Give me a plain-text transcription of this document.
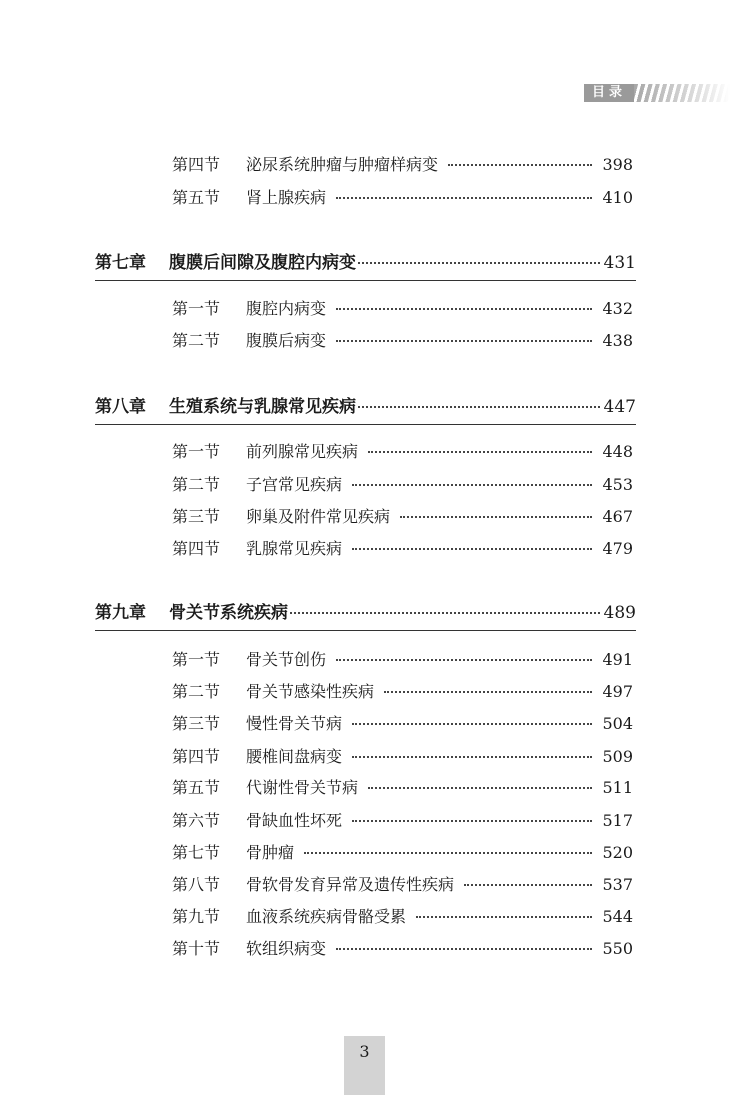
目录
第四节	泌尿系统肿瘤与肿瘤样病变	398
第五节	肾上腺疾病	410
第七章	腹膜后间隙及腹腔内病变	431
第一节	腹腔内病变	432
第二节	腹膜后病变	438
第八章	生殖系统与乳腺常见疾病	447
第一节	前列腺常见疾病	448
第二节	子宫常见疾病	453
第三节	卵巢及附件常见疾病	467
第四节	乳腺常见疾病	479
第九章	骨关节系统疾病	489
第一节	骨关节创伤	491
第二节	骨关节感染性疾病	497
第三节	慢性骨关节病	504
第四节	腰椎间盘病变	509
第五节	代谢性骨关节病	511
第六节	骨缺血性坏死	517
第七节	骨肿瘤	520
第八节	骨软骨发育异常及遗传性疾病	537
第九节	血液系统疾病骨骼受累	544
第十节	软组织病变	550
3
